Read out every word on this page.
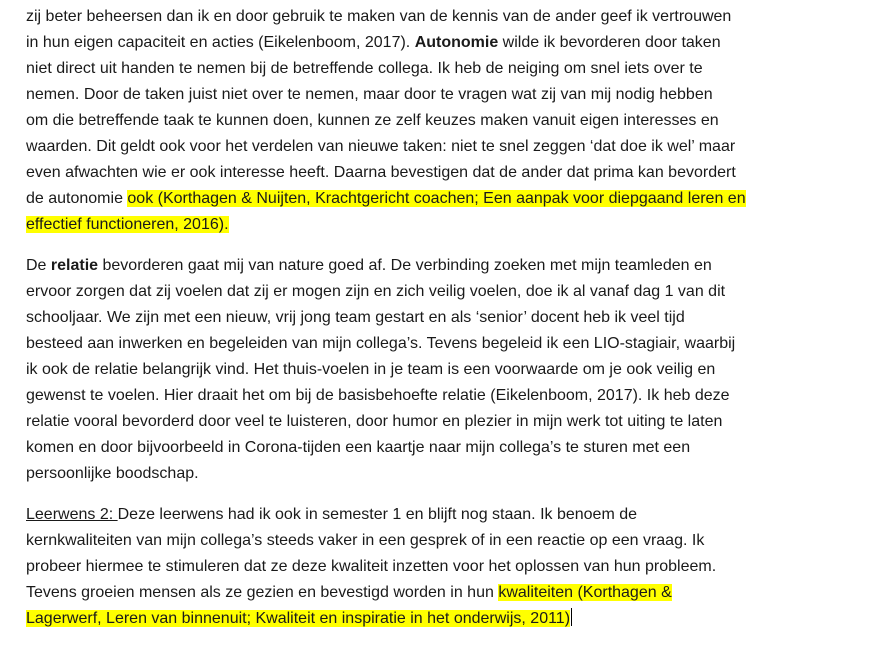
zij beter beheersen dan ik en door gebruik te maken van de kennis van de ander geef ik vertrouwen
in hun eigen capaciteit en acties (Eikelenboom, 2017). Autonomie wilde ik bevorderen door taken
niet direct uit handen te nemen bij de betreffende collega. Ik heb de neiging om snel iets over te
nemen. Door de taken juist niet over te nemen, maar door te vragen wat zij van mij nodig hebben
om die betreffende taak te kunnen doen, kunnen ze zelf keuzes maken vanuit eigen interesses en
waarden. Dit geldt ook voor het verdelen van nieuwe taken: niet te snel zeggen ‘dat doe ik wel’ maar
even afwachten wie er ook interesse heeft. Daarna bevestigen dat de ander dat prima kan bevordert
de autonomie ook (Korthagen & Nuijten, Krachtgericht coachen; Een aanpak voor diepgaand leren en
effectief functioneren, 2016).
De relatie bevorderen gaat mij van nature goed af. De verbinding zoeken met mijn teamleden en
ervoor zorgen dat zij voelen dat zij er mogen zijn en zich veilig voelen, doe ik al vanaf dag 1 van dit
schooljaar. We zijn met een nieuw, vrij jong team gestart en als ‘senior’ docent heb ik veel tijd
besteed aan inwerken en begeleiden van mijn collega’s. Tevens begeleid ik een LIO-stagiair, waarbij
ik ook de relatie belangrijk vind. Het thuis-voelen in je team is een voorwaarde om je ook veilig en
gewenst te voelen. Hier draait het om bij de basisbehoefte relatie (Eikelenboom, 2017). Ik heb deze
relatie vooral bevorderd door veel te luisteren, door humor en plezier in mijn werk tot uiting te laten
komen en door bijvoorbeeld in Corona-tijden een kaartje naar mijn collega’s te sturen met een
persoonlijke boodschap.
Leerwens 2: Deze leerwens had ik ook in semester 1 en blijft nog staan. Ik benoem de
kernkwaliteiten van mijn collega’s steeds vaker in een gesprek of in een reactie op een vraag. Ik
probeer hiermee te stimuleren dat ze deze kwaliteit inzetten voor het oplossen van hun probleem.
Tevens groeien mensen als ze gezien en bevestigd worden in hun kwaliteiten (Korthagen &
Lagerwerf, Leren van binnenuit; Kwaliteit en inspiratie in het onderwijs, 2011)
